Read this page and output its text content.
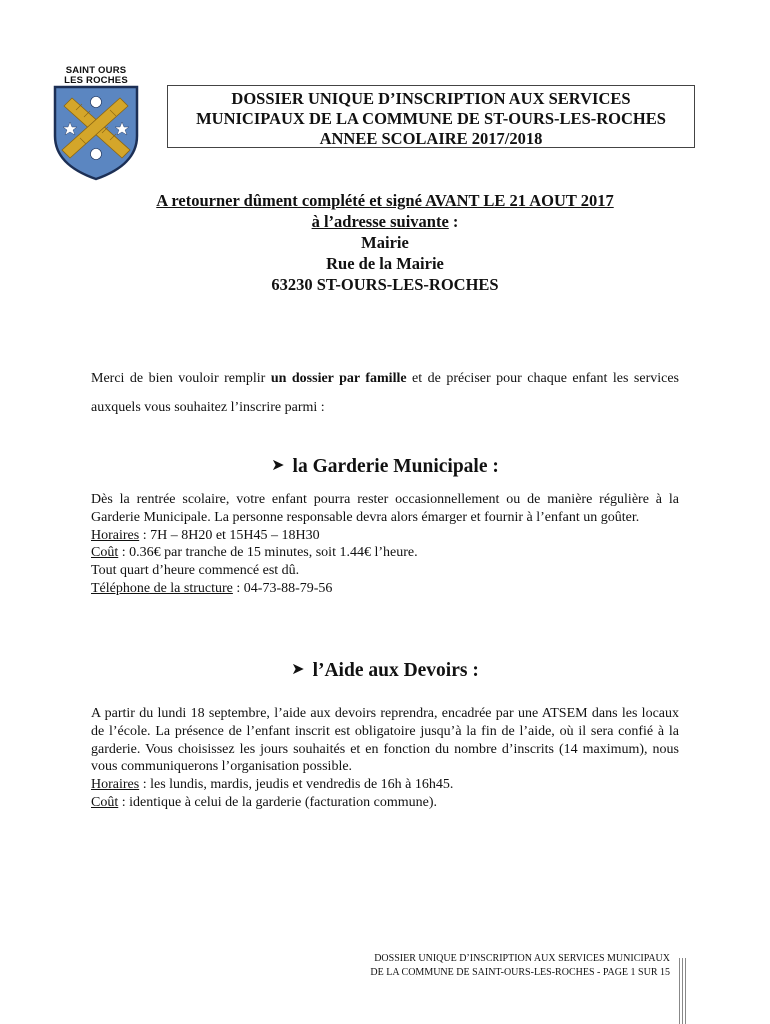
SAINT OURS
LES ROCHES
DOSSIER UNIQUE D’INSCRIPTION AUX SERVICES
MUNICIPAUX DE LA COMMUNE DE ST-OURS-LES-ROCHES
ANNEE SCOLAIRE 2017/2018
A retourner dûment complété et signé AVANT LE 21 AOUT 2017
à l’adresse suivante :
Mairie
Rue de la Mairie
63230 ST-OURS-LES-ROCHES
Merci de bien vouloir remplir un dossier par famille et de préciser pour chaque enfant les services auxquels vous souhaitez l’inscrire parmi :
➤ la Garderie Municipale :
Dès la rentrée scolaire, votre enfant pourra rester occasionnellement ou de manière régulière à la Garderie Municipale. La personne responsable devra alors émarger et fournir à l’enfant un goûter.
Horaires : 7H – 8H20 et 15H45 – 18H30
Coût : 0.36€ par tranche de 15 minutes, soit 1.44€ l’heure.
Tout quart d’heure commencé est dû.
Téléphone de la structure : 04-73-88-79-56
➤ l’Aide aux Devoirs :
A partir du lundi 18 septembre, l’aide aux devoirs reprendra, encadrée par une ATSEM dans les locaux de l’école. La présence de l’enfant inscrit est obligatoire jusqu’à la fin de l’aide, où il sera confié à la garderie. Vous choisissez les jours souhaités et en fonction du nombre d’inscrits (14 maximum), nous vous communiquerons l’organisation possible.
Horaires : les lundis, mardis, jeudis et vendredis de 16h à 16h45.
Coût : identique à celui de la garderie (facturation commune).
DOSSIER UNIQUE D’INSCRIPTION AUX SERVICES MUNICIPAUX
DE LA COMMUNE DE SAINT-OURS-LES-ROCHES - PAGE 1 SUR 15
